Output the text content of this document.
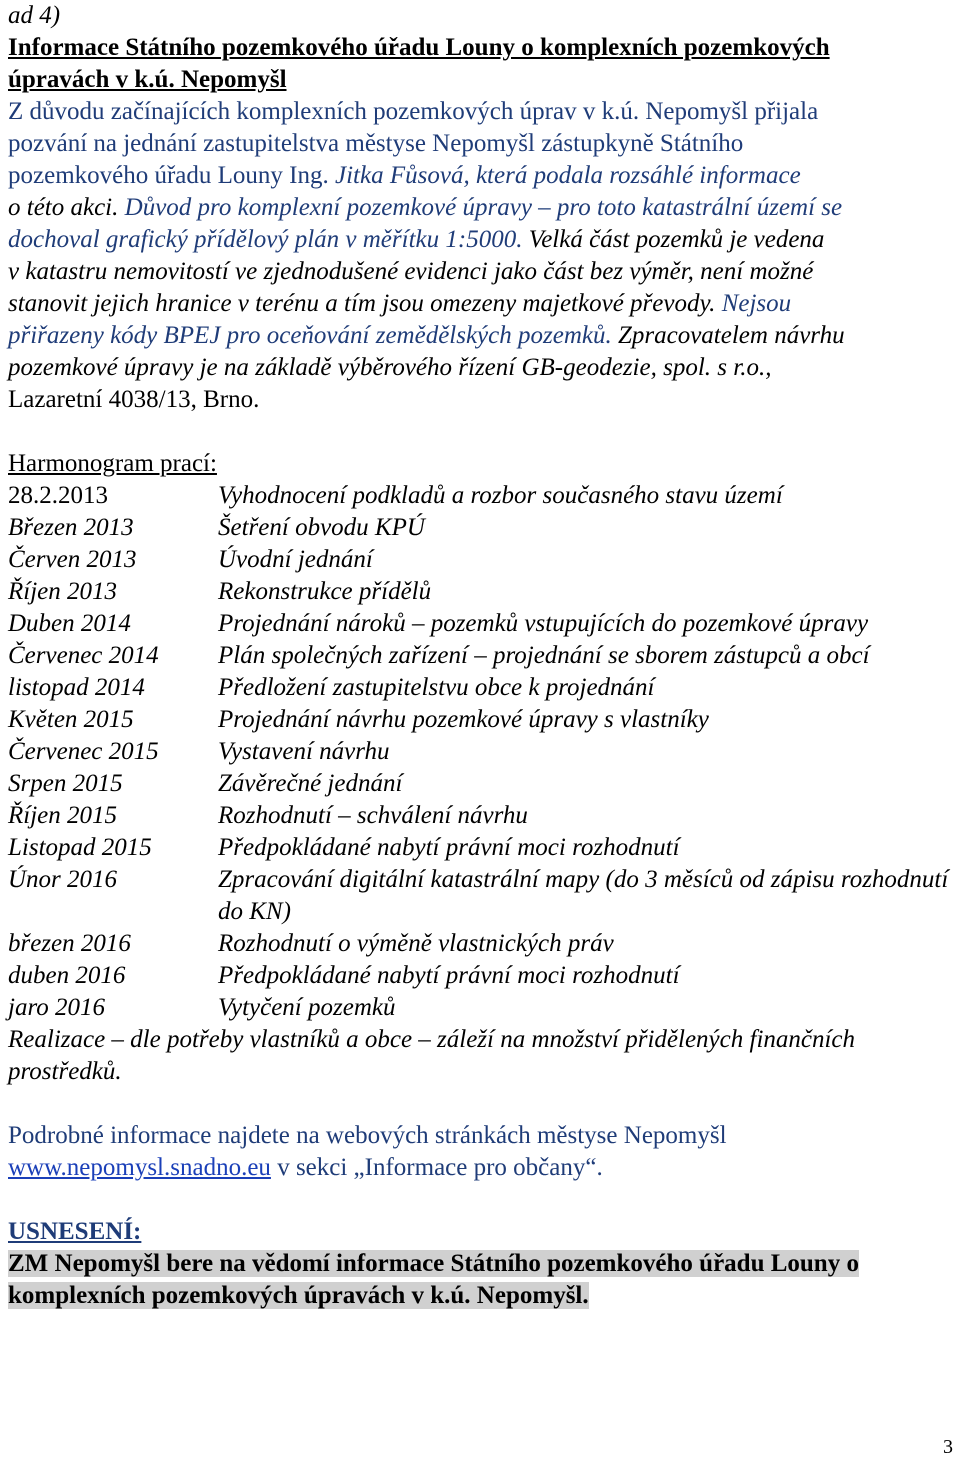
ad 4)
Informace Státního pozemkového úřadu Louny o komplexních pozemkových
úpravách v k.ú. Nepomyšl
Z důvodu začínajících komplexních pozemkových úprav v k.ú. Nepomyšl přijala
pozvání na jednání zastupitelstva městyse Nepomyšl zástupkyně Státního
pozemkového úřadu Louny Ing. Jitka Fůsová, která podala rozsáhlé informace
o této akci. Důvod pro komplexní pozemkové úpravy – pro toto katastrální území se
dochoval grafický přídělový plán v měřítku 1:5000. Velká část pozemků je vedena
v katastru nemovitostí ve zjednodušené evidenci jako část bez výměr, není možné
stanovit jejich hranice v terénu a tím jsou omezeny majetkové převody. Nejsou
přiřazeny kódy BPEJ pro oceňování zemědělských pozemků. Zpracovatelem návrhu
pozemkové úpravy je na základě výběrového řízení GB-geodezie, spol. s r.o.,
Lazaretní 4038/13, Brno.
Harmonogram prací:
28.2.2013	Vyhodnocení podkladů a rozbor současného stavu území
Březen 2013	Šetření obvodu KPÚ
Červen 2013	Úvodní jednání
Říjen 2013	Rekonstrukce přídělů
Duben 2014	Projednání nároků – pozemků vstupujících do pozemkové úpravy
Červenec 2014	Plán společných zařízení – projednání se sborem zástupců a obcí
listopad 2014	Předložení zastupitelstvu obce k projednání
Květen 2015	Projednání návrhu pozemkové úpravy s vlastníky
Červenec 2015	Vystavení návrhu
Srpen 2015	Závěrečné jednání
Říjen 2015	Rozhodnutí – schválení návrhu
Listopad 2015	Předpokládané nabytí právní moci rozhodnutí
Únor 2016	Zpracování digitální katastrální mapy (do 3 měsíců od zápisu rozhodnutí do KN)
březen 2016	Rozhodnutí o výměně vlastnických práv
duben 2016	Předpokládané nabytí právní moci rozhodnutí
jaro 2016	Vytyčení pozemků
Realizace – dle potřeby vlastníků a obce – záleží na množství přidělených finančních
prostředků.
Podrobné informace najdete na webových stránkách městyse Nepomyšl
www.nepomysl.snadno.eu v sekci „Informace pro občany“.
USNESENÍ:
ZM Nepomyšl bere na vědomí informace Státního pozemkového úřadu Louny o
komplexních pozemkových úpravách v k.ú. Nepomyšl.
3
